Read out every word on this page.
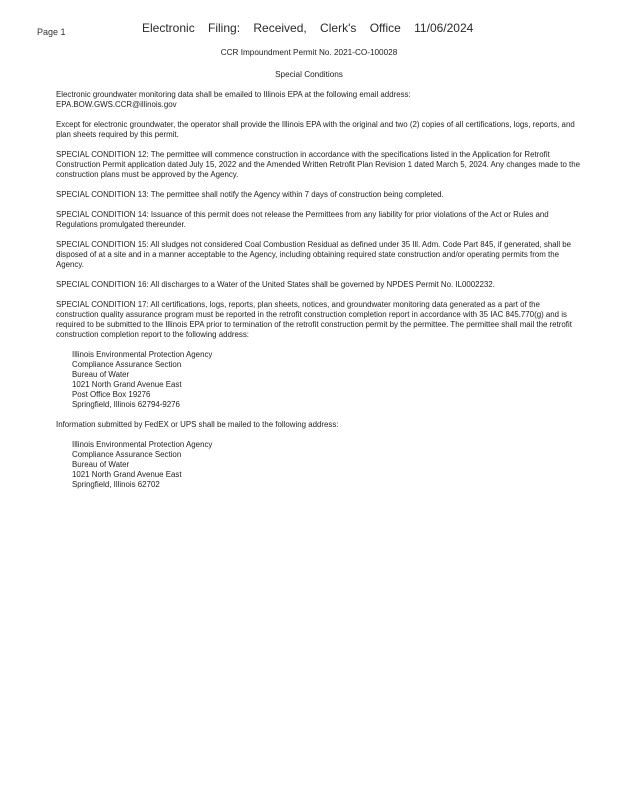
Page 1	Electronic Filing: Received, Clerk's Office 11/06/2024
CCR Impoundment Permit No. 2021-CO-100028
Special Conditions

Electronic groundwater monitoring data shall be emailed to Illinois EPA at the following email address:
EPA.BOW.GWS.CCR@illinois.gov

Except for electronic groundwater, the operator shall provide the Illinois EPA with the original and two (2) copies of all certifications, logs, reports, and plan sheets required by this permit.

SPECIAL CONDITION 12: The permittee will commence construction in accordance with the specifications listed in the Application for Retrofit Construction Permit application dated July 15, 2022 and the Amended Written Retrofit Plan Revision 1 dated March 5, 2024. Any changes made to the construction plans must be approved by the Agency.

SPECIAL CONDITION 13: The permittee shall notify the Agency within 7 days of construction being completed.

SPECIAL CONDITION 14: Issuance of this permit does not release the Permittees from any liability for prior violations of the Act or Rules and Regulations promulgated thereunder.

SPECIAL CONDITION 15: All sludges not considered Coal Combustion Residual as defined under 35 Ill. Adm. Code Part 845, if generated, shall be disposed of at a site and in a manner acceptable to the Agency, including obtaining required state construction and/or operating permits from the Agency.

SPECIAL CONDITION 16: All discharges to a Water of the United States shall be governed by NPDES Permit No. IL0002232.

SPECIAL CONDITION 17: All certifications, logs, reports, plan sheets, notices, and groundwater monitoring data generated as a part of the construction quality assurance program must be reported in the retrofit construction completion report in accordance with 35 IAC 845.770(g) and is required to be submitted to the Illinois EPA prior to termination of the retrofit construction permit by the permittee. The permittee shall mail the retrofit construction completion report to the following address:

Illinois Environmental Protection Agency
Compliance Assurance Section
Bureau of Water
1021 North Grand Avenue East
Post Office Box 19276
Springfield, Illinois 62794-9276

Information submitted by FedEX or UPS shall be mailed to the following address:

Illinois Environmental Protection Agency
Compliance Assurance Section
Bureau of Water
1021 North Grand Avenue East
Springfield, Illinois 62702
